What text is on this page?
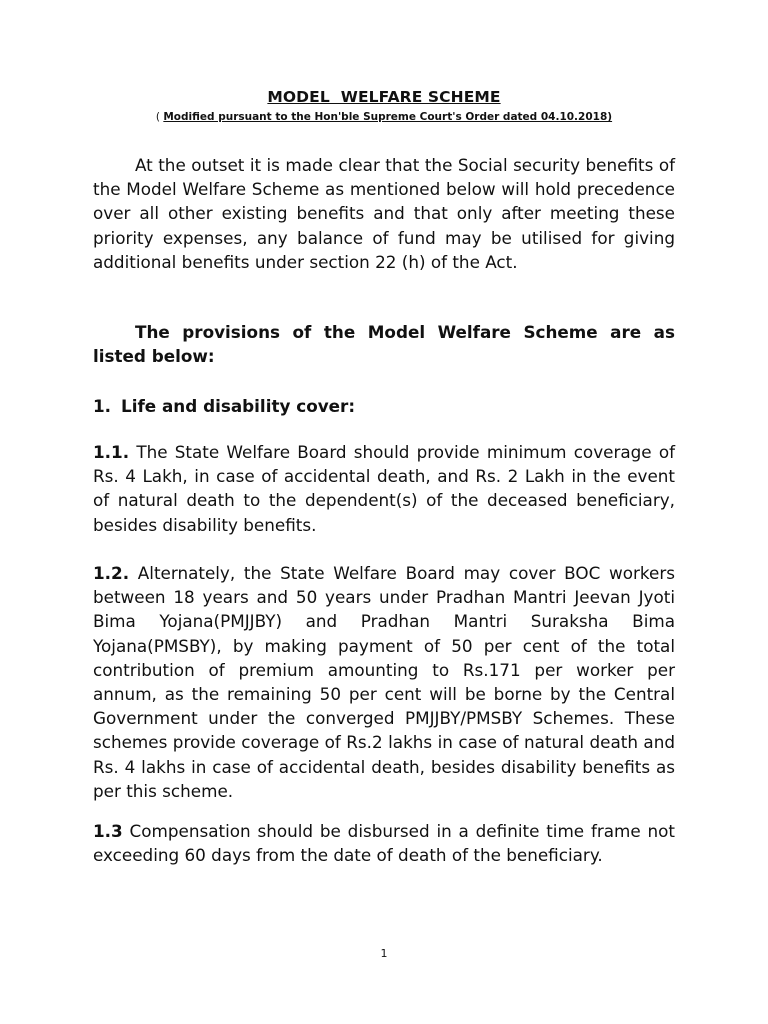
MODEL  WELFARE SCHEME
( Modified pursuant to the Hon'ble Supreme Court's Order dated 04.10.2018)

At the outset it is made clear that the Social security benefits of the Model Welfare Scheme as mentioned below will hold precedence over all other existing benefits and that only after meeting these priority expenses, any balance of fund may be utilised for giving additional benefits under section 22 (h) of the Act.

The provisions of the Model Welfare Scheme are as listed below:

1. Life and disability cover:

1.1. The State Welfare Board should provide minimum coverage of Rs. 4 Lakh, in case of accidental death, and Rs. 2 Lakh in the event of natural death to the dependent(s) of the deceased beneficiary, besides disability benefits.

1.2. Alternately, the State Welfare Board may cover BOC workers between 18 years and 50 years under Pradhan Mantri Jeevan Jyoti Bima Yojana(PMJJBY) and Pradhan Mantri Suraksha Bima Yojana(PMSBY), by making payment of 50 per cent of the total contribution of premium amounting to Rs.171 per worker per annum, as the remaining 50 per cent will be borne by the Central Government under the converged PMJJBY/PMSBY Schemes. These schemes provide coverage of Rs.2 lakhs in case of natural death and Rs. 4 lakhs in case of accidental death, besides disability benefits as per this scheme.

1.3 Compensation should be disbursed in a definite time frame not exceeding 60 days from the date of death of the beneficiary.

1
